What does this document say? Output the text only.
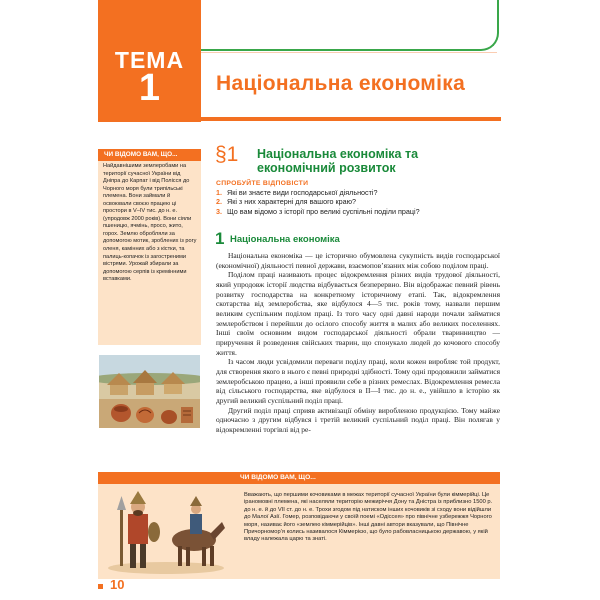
ТЕМА
1	Національна економіка
ЧИ ВІДОМО ВАМ, ЩО...
Найдавнішими землеробами на території сучасної України від Дніпра до Карпат і від Полісся до Чорного моря були трипільські племена. Вони займали й освоювали своєю працею ці простори в V–IV тис. до н. е. (упродовж 2000 років). Вони сіяли пшеницю, ячмінь, просо, жито, горох. Землю обробляли за допомогою мотик, зроблених із рогу оленя, камінних або з кістки, та палиць-копачок із загостреними вістрями. Урожай збирали за допомогою серпів із кремінними вставками.
§1 Національна економіка та економічний розвиток
СПРОБУЙТЕ ВІДПОВІСТИ
1. Які ви знаєте види господарської діяльності?
2. Які з них характерні для вашого краю?
3. Що вам відомо з історії про великі суспільні поділи праці?
1 Національна економіка

Національна економіка — це історично обумовлена сукупність видів господарської (економічної) діяльності певної держави, взаємопов’язаних між собою поділом праці.

Поділом праці називають процес відокремлення різних видів трудової діяльності, який упродовж історії людства відбувається безперервно. Він відображає певний рівень розвитку господарства на конкретному історичному етапі. Так, відокремлення скотарства від землеробства, яке відбулося 4—5 тис. років тому, назвали першим великим суспільним поділом праці. Із того часу одні давні народи почали займатися землеробством і перейшли до осілого способу життя в малих або великих поселеннях. Інші своїм основним видом господарської діяльності обрали тваринництво — приручення й розведення свійських тварин, що спонукало людей до кочового способу життя.

Із часом люди усвідомили переваги поділу праці, коли кожен виробляє той продукт, для створення якого в нього є певні природні здібності. Тому одні продовжили займатися землеробською працею, а інші проявили себе в різних ремеслах. Відокремлення ремесла від сільського господарства, яке відбулося в ІІ—І тис. до н. е., увійшло в історію як другий великий суспільний поділ праці.

Другий поділ праці сприяв активізації обміну виробленою продукцією. Тому майже одночасно з другим відбувся і третій великий суспільний поділ праці. Він полягав у відокремленні торгівлі від ре-

ЧИ ВІДОМО ВАМ, ЩО...
Вважають, що першими кочовиками в межах території сучасної України були кіммерійці. Це іраномовні племена, які населяли територію межиріччя Дону та Дністра із приблизно 1500 р. до н. е. й до VII ст. до н. е. Трохи згодом під натиском інших кочовиків зі сходу вони відійшли до Малої Азії. Гомер, розповідаючи у своїй поемі «Одіссея» про північне узбережжя Чорного моря, називає його «землею кіммерійців». Інші давні автори вказували, що Північне Причорномор’я колись називалося Кіммерією, що було рабовласницькою державою, у якій владу належала царю та знаті.
10
